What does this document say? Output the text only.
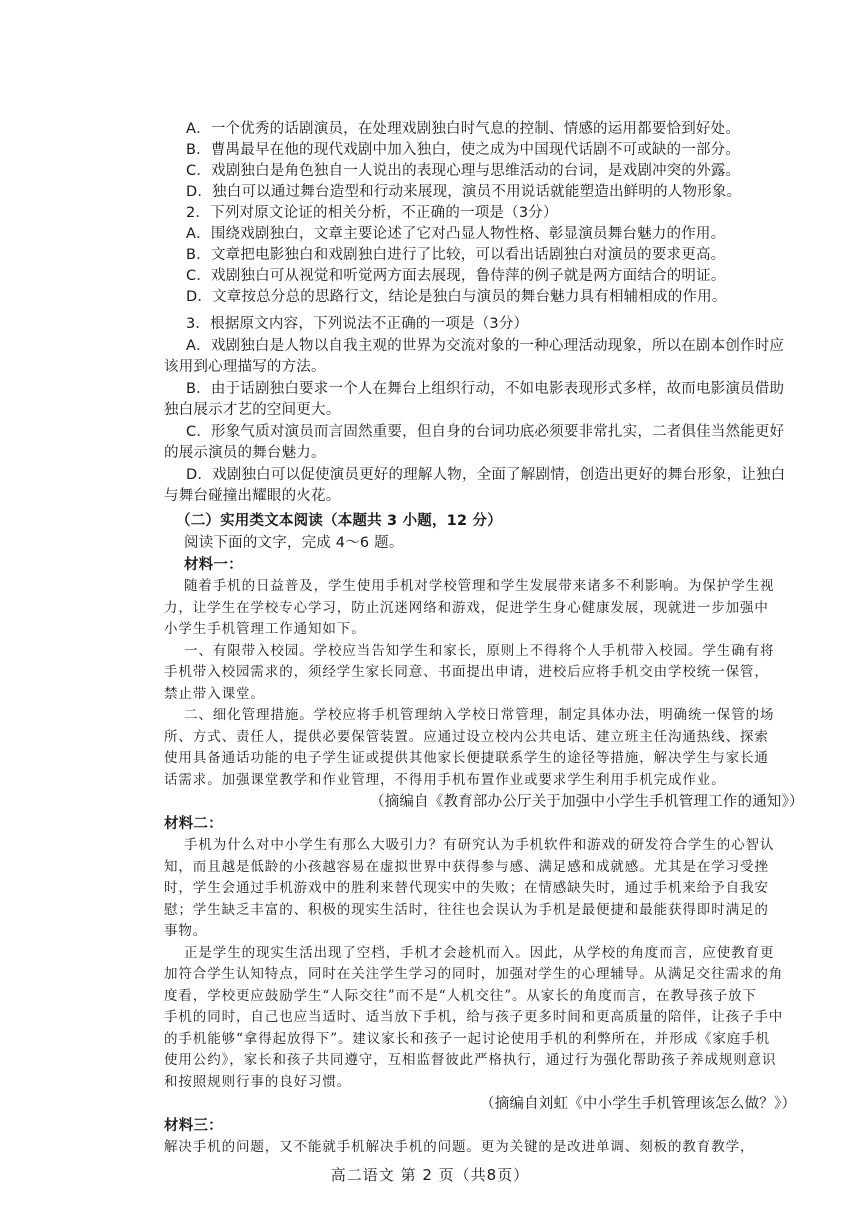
A．一个优秀的话剧演员，在处理戏剧独白时气息的控制、情感的运用都要恰到好处。
B．曹禺最早在他的现代戏剧中加入独白，使之成为中国现代话剧不可或缺的一部分。
C．戏剧独白是角色独自一人说出的表现心理与思维活动的台词，是戏剧冲突的外露。
D．独白可以通过舞台造型和行动来展现，演员不用说话就能塑造出鲜明的人物形象。
2．下列对原文论证的相关分析，不正确的一项是（3分）
A．围绕戏剧独白，文章主要论述了它对凸显人物性格、彰显演员舞台魅力的作用。
B．文章把电影独白和戏剧独白进行了比较，可以看出话剧独白对演员的要求更高。
C．戏剧独白可从视觉和听觉两方面去展现，鲁侍萍的例子就是两方面结合的明证。
D．文章按总分总的思路行文，结论是独白与演员的舞台魅力具有相辅相成的作用。
3．根据原文内容，下列说法不正确的一项是（3分）
A．戏剧独白是人物以自我主观的世界为交流对象的一种心理活动现象，所以在剧本创作时应
该用到心理描写的方法。
B．由于话剧独白要求一个人在舞台上组织行动，不如电影表现形式多样，故而电影演员借助
独白展示才艺的空间更大。
C．形象气质对演员而言固然重要，但自身的台词功底必须要非常扎实，二者俱佳当然能更好
的展示演员的舞台魅力。
D．戏剧独白可以促使演员更好的理解人物，全面了解剧情，创造出更好的舞台形象，让独白
与舞台碰撞出耀眼的火花。
（二）实用类文本阅读（本题共 3 小题，12 分）
阅读下面的文字，完成 4～6 题。
材料一：
随着手机的日益普及，学生使用手机对学校管理和学生发展带来诸多不利影响。为保护学生视
力，让学生在学校专心学习，防止沉迷网络和游戏，促进学生身心健康发展，现就进一步加强中
小学生手机管理工作通知如下。
一、有限带入校园。学校应当告知学生和家长，原则上不得将个人手机带入校园。学生确有将
手机带入校园需求的，须经学生家长同意、书面提出申请，进校后应将手机交由学校统一保管，
禁止带入课堂。
二、细化管理措施。学校应将手机管理纳入学校日常管理，制定具体办法，明确统一保管的场
所、方式、责任人，提供必要保管装置。应通过设立校内公共电话、建立班主任沟通热线、探索
使用具备通话功能的电子学生证或提供其他家长便捷联系学生的途径等措施，解决学生与家长通
话需求。加强课堂教学和作业管理，不得用手机布置作业或要求学生利用手机完成作业。
（摘编自《教育部办公厅关于加强中小学生手机管理工作的通知》）
材料二：
手机为什么对中小学生有那么大吸引力？有研究认为手机软件和游戏的研发符合学生的心智认
知，而且越是低龄的小孩越容易在虚拟世界中获得参与感、满足感和成就感。尤其是在学习受挫
时，学生会通过手机游戏中的胜利来替代现实中的失败；在情感缺失时，通过手机来给予自我安
慰；学生缺乏丰富的、积极的现实生活时，往往也会误认为手机是最便捷和最能获得即时满足的
事物。
正是学生的现实生活出现了空档，手机才会趁机而入。因此，从学校的角度而言，应使教育更
加符合学生认知特点，同时在关注学生学习的同时，加强对学生的心理辅导。从满足交往需求的角
度看，学校更应鼓励学生“人际交往”而不是“人机交往”。从家长的角度而言，在教导孩子放下
手机的同时，自己也应当适时、适当放下手机，给与孩子更多时间和更高质量的陪伴，让孩子手中
的手机能够“拿得起放得下”。建议家长和孩子一起讨论使用手机的利弊所在，并形成《家庭手机
使用公约》，家长和孩子共同遵守，互相监督彼此严格执行，通过行为强化帮助孩子养成规则意识
和按照规则行事的良好习惯。
（摘编自刘虹《中小学生手机管理该怎么做？》）
材料三：
解决手机的问题，又不能就手机解决手机的问题。更为关键的是改进单调、刻板的教育教学，
高二语文 第 2 页（共8页）
